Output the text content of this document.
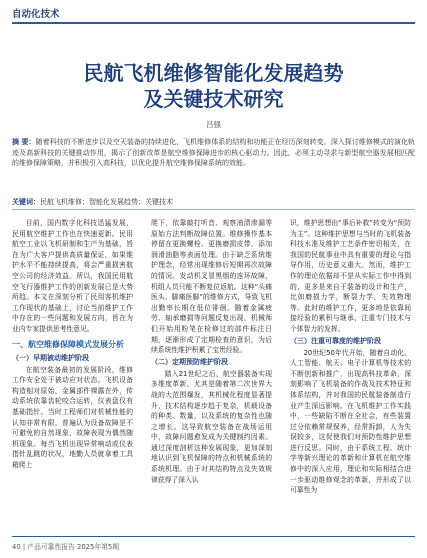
自动化技术
民航飞机维修智能化发展趋势
及关键技术研究
吕强
摘 要：随着科技的不断进步以及空天装备的持续进化，飞机维修体系的结构和功能正在经历深刻转变。深入探讨维修模式的演化轨迹及高新科技的关键推动作用，揭示了创新改革是航空维修保障进步的核心驱动力。因此，必须主动寻求与新型航空器发展相匹配的维修保障策略，并积极引入高科技，以优化提升航空维修保障系统的效能。
关键词：民航飞机维修；智能化发展趋势；关键技术

目前，国内数字化科技迅猛发展，民用航空维护工作也在快速更新。民用航空工业以飞机研制和生产为基础，旨在为广大客户提供高质量保证，如果维护水平不能持续提高，将会严重损害航空公司的经济效益。所以，我国民用航空飞行器维护工作的创新发展已是大势所趋。本文在深刻分析了民用客机维护工作现状的基础上，讨论当前维护工作中存在的一些问题和发展方向，旨在为业内专家提供思考性意见。

一、航空维修保障模式发展分析
（一）早期被动维护阶段

在航空装备最初的发展阶段，维修工作安全处于被动应对状态。飞机设备构造相对原始，金属部件裸露在外，传动系统依靠齿轮咬合运转，仪表盘仅有基础指针。当时工程师们对机械性能的认知非常有限，普遍认为设备故障是不可避免的自然现象，故障表现为偶然随机现象。每当飞机出现异常响动或仪表指针乱跳的状况，地勤人员就拿着工具箱爬上

爬下，依靠敲打听音、观察油渍渗漏等原始方法判断故障位置。维修操作基本停留在更换螺栓、更换磨损皮带、添加润滑油脂等表面处理。由于缺乏系统维护理念，经常出现维修后短期再次故障的情况。发动机叉冒黑烟的连环故障，机组人员只能不断复位返航。这种“头痛医头、脚痛医脚”的维修方式，导致飞机出勤率长期在低位徘徊。随着金属疲劳、轴承磨损等问题反复出现，机械师们开始用粉笔在检修过的部件标注日期，逐渐形成了定期检查的意识，为后续系统性维护积累了宝贵经验。

（二）定期预防维护阶段

踏入21世纪之后，航空器装备实现多维度革新，尤其是随着第二次世界大战的大范围爆发，其机械化程度显著提升，技术结构逐步趋于复杂，机载设备的种类、数量，以及系统的复杂性也随之增长。这导致航空装备在战场运用中，故障问题愈发成为关键制约因素。通过深度剖析这种发展现象，更加深刻地认识到飞机保障的特点和机械系统的系统机理。由于对其结构特点及失效规律获得了深入认

识，维护思想由“事后补救”转变为“预防为主”。这种维护思想与当时的飞机装备科技水准及维护工艺条件密切相关，在我国的民航事业中具有重要的理论与指导作用，历史意义重大。然而，维护工作的理论依据却不是从实际工作中得到的，更多是来自于装备的设计和生产，比如磨损力学，断裂力学，失效物理等。此时的维护工作，更多地是依靠间接经验的累积与继承，注重专门技术与个体智力的发挥。

（三）注重可靠度的维护阶段

20世纪50年代开始，随着自动化、人工智能、航天、电子计算机等技术的不断创新和推广，出现高科技革命，深刻影响了飞机装备的作战及技术特征和体系结构，并对我国的民航装备制造行业产生深远影响。在飞机维护工作实践中，一些缺陷不断在全社会，有些装置过分依赖常规保养，经常拆卸，人为失误较多，这促使我们对预防性维护思想进行反思。同时，由于系统工程、统计学等新兴理论的革新和计算机在航空维修中的深入应用，理论和实际相结合进一步驱动维修观念的革新，并形成了以可靠性为

40 | 产品可靠性报告 2025年第5期
